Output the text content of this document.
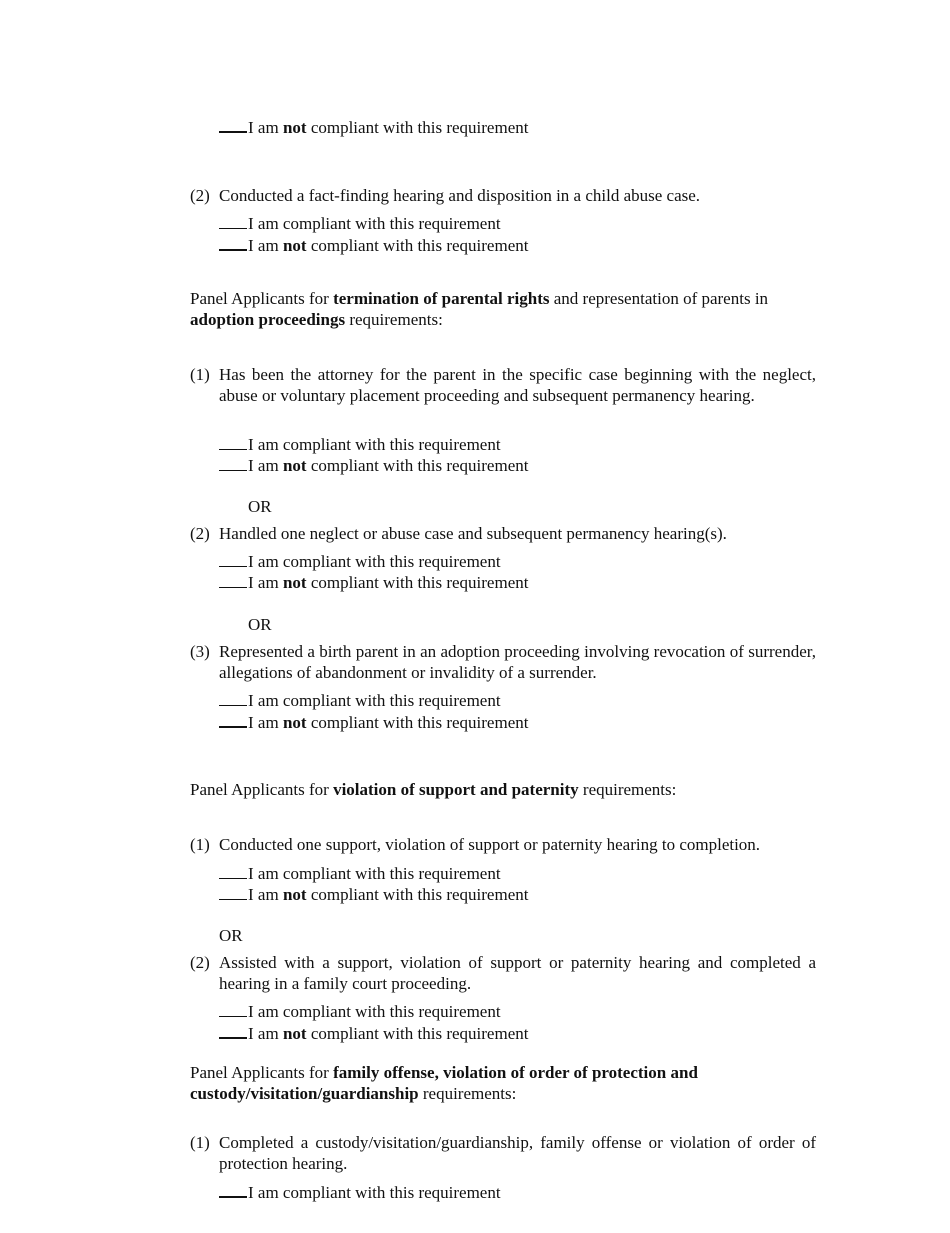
I am not compliant with this requirement
(2) Conducted a fact-finding hearing and disposition in a child abuse case.
I am compliant with this requirement
I am not compliant with this requirement
Panel Applicants for termination of parental rights and representation of parents in adoption proceedings requirements:
(1) Has been the attorney for the parent in the specific case beginning with the neglect, abuse or voluntary placement proceeding and subsequent permanency hearing.
I am compliant with this requirement
I am not compliant with this requirement
OR
(2) Handled one neglect or abuse case and subsequent permanency hearing(s).
I am compliant with this requirement
I am not compliant with this requirement
OR
(3) Represented a birth parent in an adoption proceeding involving revocation of surrender, allegations of abandonment or invalidity of a surrender.
I am compliant with this requirement
I am not compliant with this requirement
Panel Applicants for violation of support and paternity requirements:
(1) Conducted one support, violation of support or paternity hearing to completion.
I am compliant with this requirement
I am not compliant with this requirement
OR
(2) Assisted with a support, violation of support or paternity hearing and completed a hearing in a family court proceeding.
I am compliant with this requirement
I am not compliant with this requirement
Panel Applicants for family offense, violation of order of protection and custody/visitation/guardianship requirements:
(1) Completed a custody/visitation/guardianship, family offense or violation of order of protection hearing.
I am compliant with this requirement
